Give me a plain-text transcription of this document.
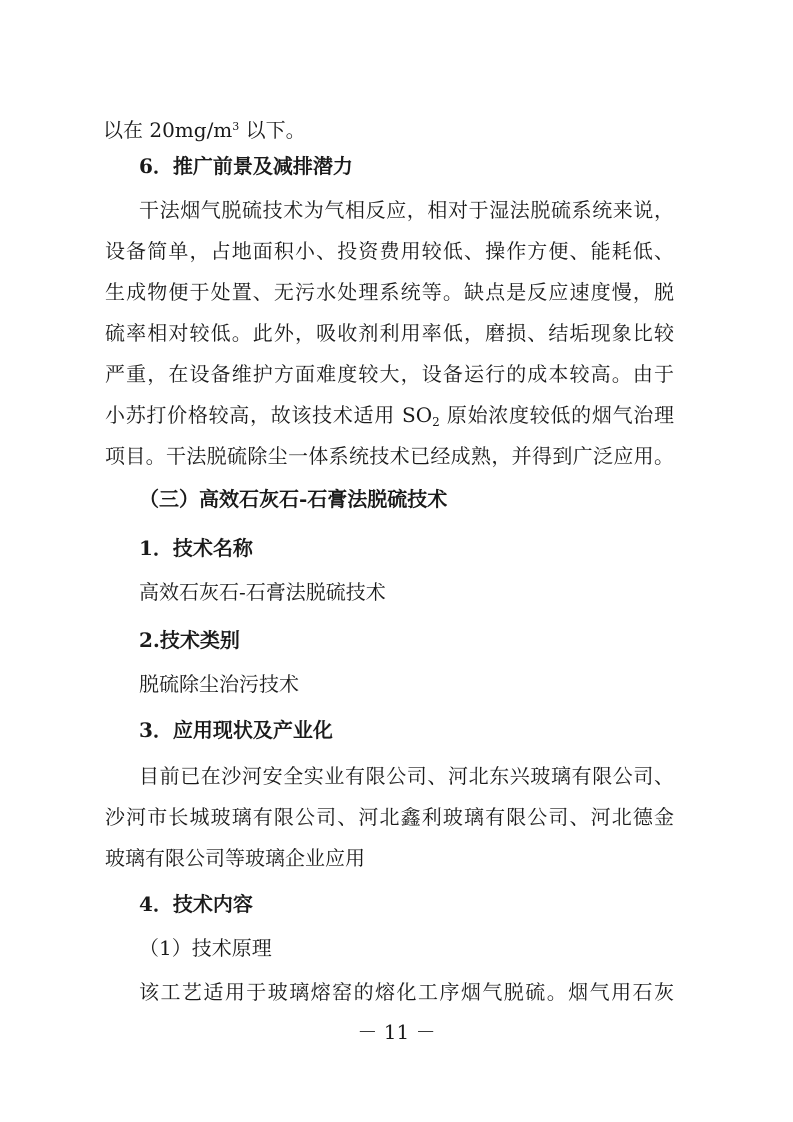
以在 $20mg/m^3$ 以下。
6．推广前景及减排潜力
干法烟气脱硫技术为气相反应，相对于湿法脱硫系统来说，
设备简单，占地面积小、投资费用较低、操作方便、能耗低、
生成物便于处置、无污水处理系统等。缺点是反应速度慢，脱
硫率相对较低。此外，吸收剂利用率低，磨损、结垢现象比较
严重，在设备维护方面难度较大，设备运行的成本较高。由于
小苏打价格较高，故该技术适用 $SO_2$ 原始浓度较低的烟气治理
项目。干法脱硫除尘一体系统技术已经成熟，并得到广泛应用。
（三）高效石灰石-石膏法脱硫技术
1．技术名称
高效石灰石-石膏法脱硫技术
2.技术类别
脱硫除尘治污技术
3．应用现状及产业化
目前已在沙河安全实业有限公司、河北东兴玻璃有限公司、
沙河市长城玻璃有限公司、河北鑫利玻璃有限公司、河北德金
玻璃有限公司等玻璃企业应用
4．技术内容
（1）技术原理
该工艺适用于玻璃熔窑的熔化工序烟气脱硫。烟气用石灰
－ 11 －
